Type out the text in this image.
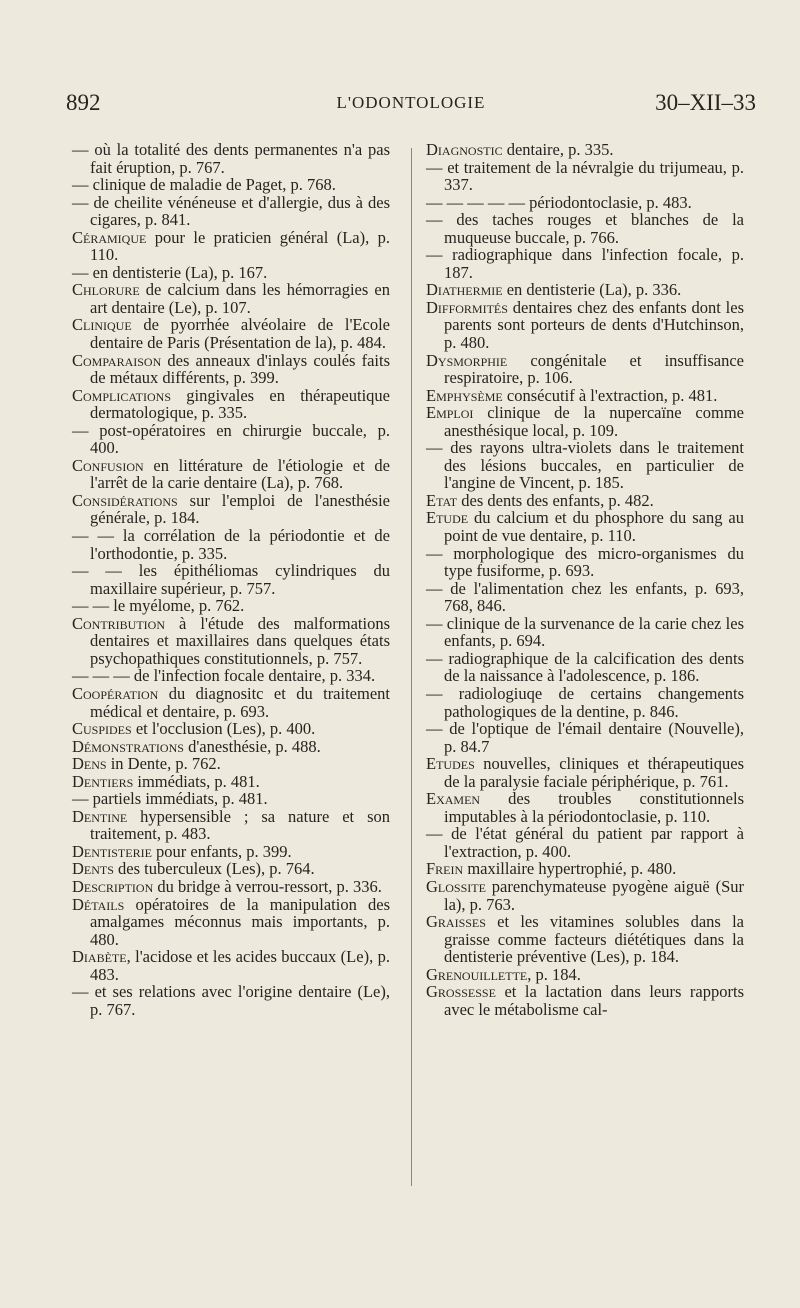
892	L'ODONTOLOGIE	30–XII–33
— où la totalité des dents permanentes n'a pas fait éruption, p. 767.
— clinique de maladie de Paget, p. 768.
— de cheilite vénéneuse et d'allergie, dus à des cigares, p. 841.
Céramique pour le praticien général (La), p. 110.
— en dentisterie (La), p. 167.
Chlorure de calcium dans les hémorragies en art dentaire (Le), p. 107.
Clinique de pyorrhée alvéolaire de l'Ecole dentaire de Paris (Présentation de la), p. 484.
Comparaison des anneaux d'inlays coulés faits de métaux différents, p. 399.
Complications gingivales en thérapeutique dermatologique, p. 335.
— post-opératoires en chirurgie buccale, p. 400.
Confusion en littérature de l'étiologie et de l'arrêt de la carie dentaire (La), p. 768.
Considérations sur l'emploi de l'anesthésie générale, p. 184.
— — la corrélation de la périodontie et de l'orthodontie, p. 335.
— — les épithéliomas cylindriques du maxillaire supérieur, p. 757.
— — le myélome, p. 762.
Contribution à l'étude des malformations dentaires et maxillaires dans quelques états psychopathiques constitutionnels, p. 757.
— — — de l'infection focale dentaire, p. 334.
Coopération du diagnositc et du traitement médical et dentaire, p. 693.
Cuspides et l'occlusion (Les), p. 400.
Démonstrations d'anesthésie, p. 488.
Dens in Dente, p. 762.
Dentiers immédiats, p. 481.
— partiels immédiats, p. 481.
Dentine hypersensible ; sa nature et son traitement, p. 483.
Dentisterie pour enfants, p. 399.
Dents des tuberculeux (Les), p. 764.
Description du bridge à verrou-ressort, p. 336.
Détails opératoires de la manipulation des amalgames méconnus mais importants, p. 480.
Diabète, l'acidose et les acides buccaux (Le), p. 483.
— et ses relations avec l'origine dentaire (Le), p. 767.
Diagnostic dentaire, p. 335.
— et traitement de la névralgie du trijumeau, p. 337.
— — — — — périodontoclasie, p. 483.
— des taches rouges et blanches de la muqueuse buccale, p. 766.
— radiographique dans l'infection focale, p. 187.
Diathermie en dentisterie (La), p. 336.
Difformités dentaires chez des enfants dont les parents sont porteurs de dents d'Hutchinson, p. 480.
Dysmorphie congénitale et insuffisance respiratoire, p. 106.
Emphysème consécutif à l'extraction, p. 481.
Emploi clinique de la nupercaïne comme anesthésique local, p. 109.
— des rayons ultra-violets dans le traitement des lésions buccales, en particulier de l'angine de Vincent, p. 185.
Etat des dents des enfants, p. 482.
Etude du calcium et du phosphore du sang au point de vue dentaire, p. 110.
— morphologique des micro-organismes du type fusiforme, p. 693.
— de l'alimentation chez les enfants, p. 693, 768, 846.
— clinique de la survenance de la carie chez les enfants, p. 694.
— radiographique de la calcification des dents de la naissance à l'adolescence, p. 186.
— radiologiuqe de certains changements pathologiques de la dentine, p. 846.
— de l'optique de l'émail dentaire (Nouvelle), p. 84.7
Etudes nouvelles, cliniques et thérapeutiques de la paralysie faciale périphérique, p. 761.
Examen des troubles constitutionnels imputables à la périodontoclasie, p. 110.
— de l'état général du patient par rapport à l'extraction, p. 400.
Frein maxillaire hypertrophié, p. 480.
Glossite parenchymateuse pyogène aiguë (Sur la), p. 763.
Graisses et les vitamines solubles dans la graisse comme facteurs diététiques dans la dentisterie préventive (Les), p. 184.
Grenouillette, p. 184.
Grossesse et la lactation dans leurs rapports avec le métabolisme cal-
